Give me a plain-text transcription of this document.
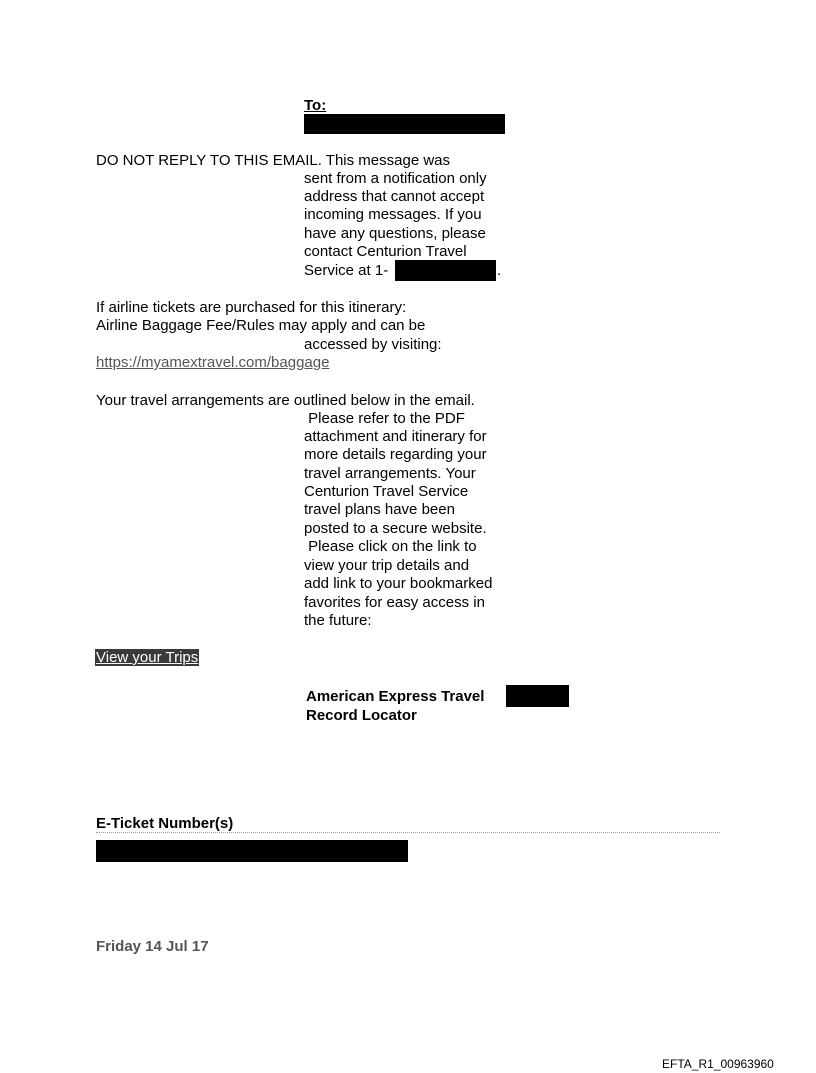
To:
DO NOT REPLY TO THIS EMAIL. This message was
sent from a notification only
address that cannot accept
incoming messages. If you
have any questions, please
contact Centurion Travel
Service at 1-	.
If airline tickets are purchased for this itinerary:
Airline Baggage Fee/Rules may apply and can be
accessed by visiting:
https://myamextravel.com/baggage
Your travel arrangements are outlined below in the email.
Please refer to the PDF
attachment and itinerary for
more details regarding your
travel arrangements. Your
Centurion Travel Service
travel plans have been
posted to a secure website.
Please click on the link to
view your trip details and
add link to your bookmarked
favorites for easy access in
the future:
View your Trips
American Express Travel
Record Locator
E-Ticket Number(s)
Friday 14 Jul 17
EFTA_R1_00963960
